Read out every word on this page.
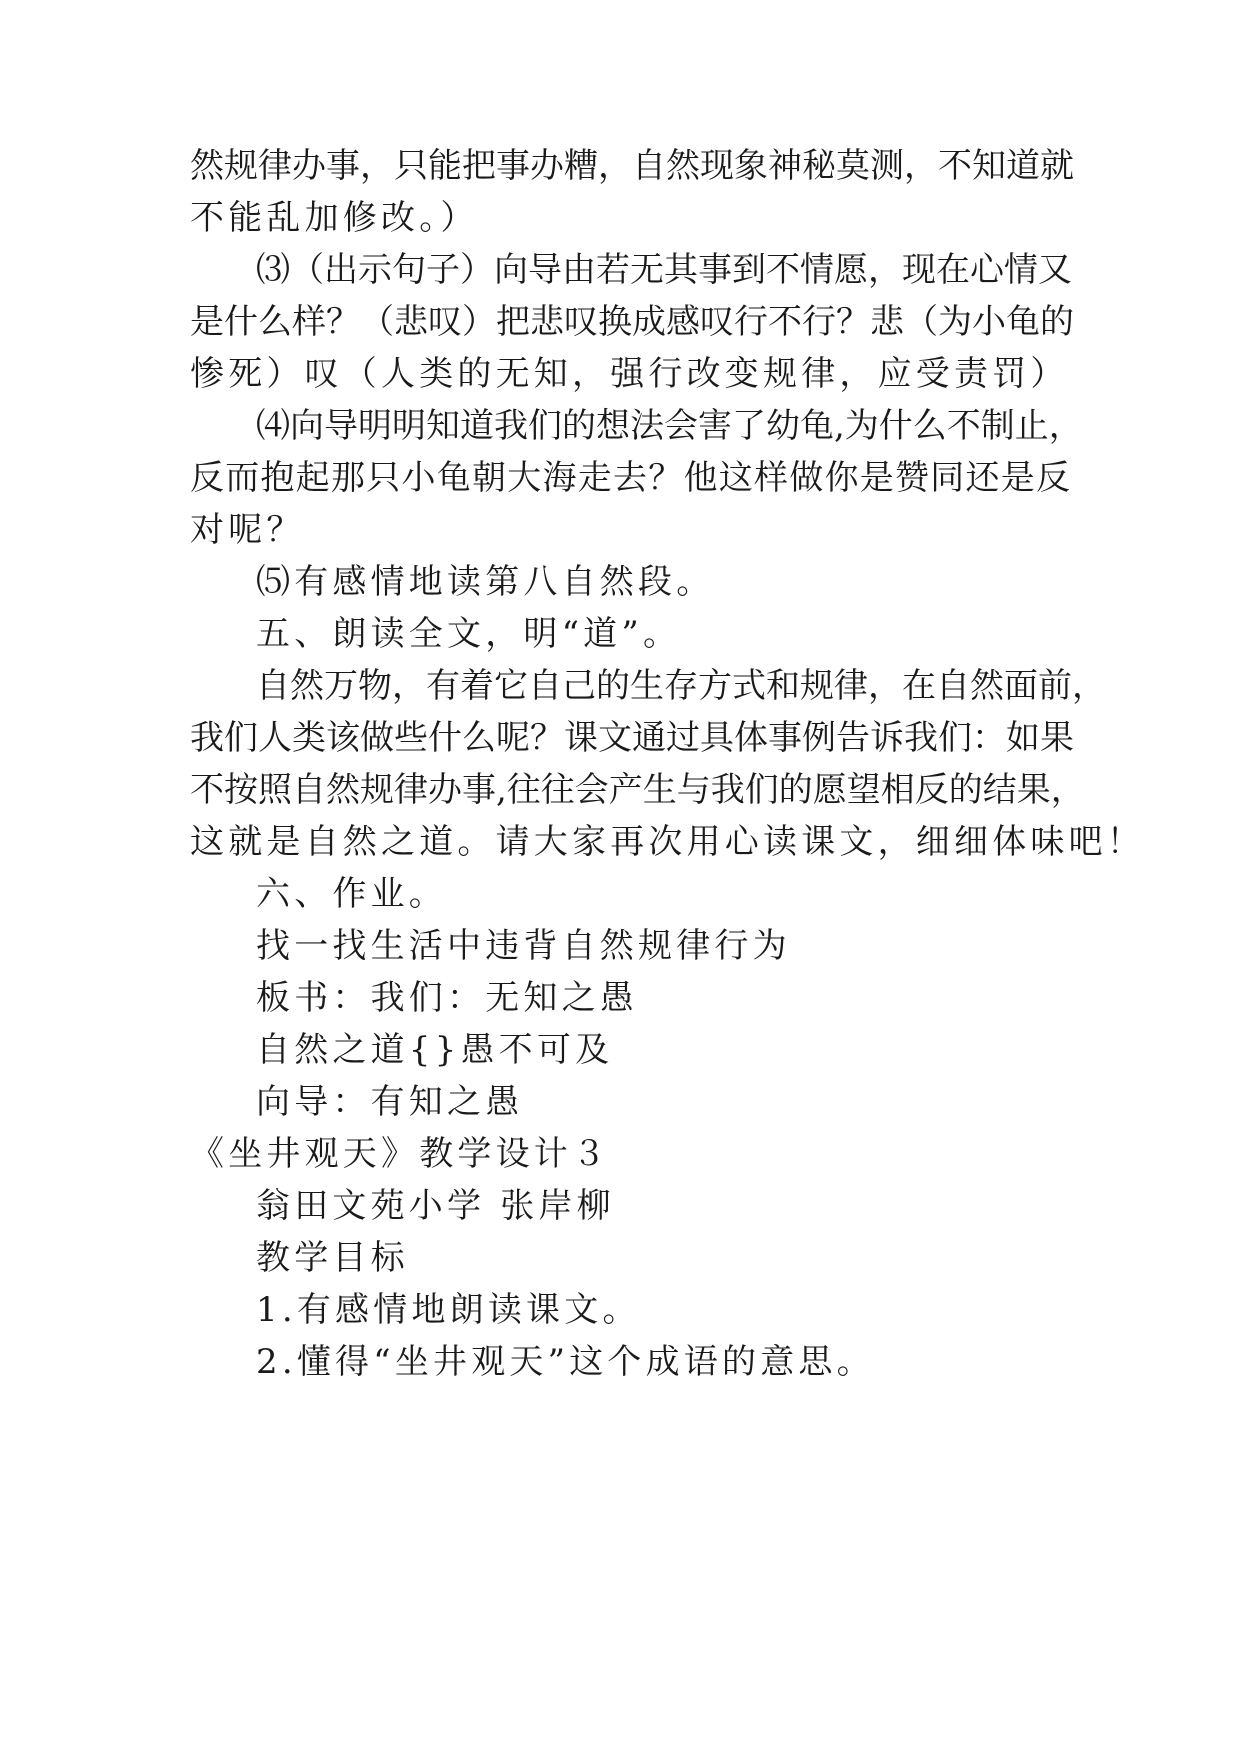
然规律办事，只能把事办糟，自然现象神秘莫测，不知道就
不能乱加修改。）
⑶（出示句子）向导由若无其事到不情愿，现在心情又
是什么样？（悲叹）把悲叹换成感叹行不行？悲（为小龟的
惨死）叹（人类的无知，强行改变规律，应受责罚）
⑷向导明明知道我们的想法会害了幼龟,为什么不制止，
反而抱起那只小龟朝大海走去？他这样做你是赞同还是反
对呢？
⑸有感情地读第八自然段。
五、朗读全文，明“道”。
自然万物，有着它自己的生存方式和规律，在自然面前，
我们人类该做些什么呢？课文通过具体事例告诉我们：如果
不按照自然规律办事,往往会产生与我们的愿望相反的结果，
这就是自然之道。请大家再次用心读课文，细细体味吧！
六、作业。
找一找生活中违背自然规律行为
板书：我们：无知之愚
自然之道{}愚不可及
向导：有知之愚
《坐井观天》教学设计３
翁田文苑小学 张岸柳
教学目标
1.有感情地朗读课文。
2.懂得“坐井观天”这个成语的意思。
